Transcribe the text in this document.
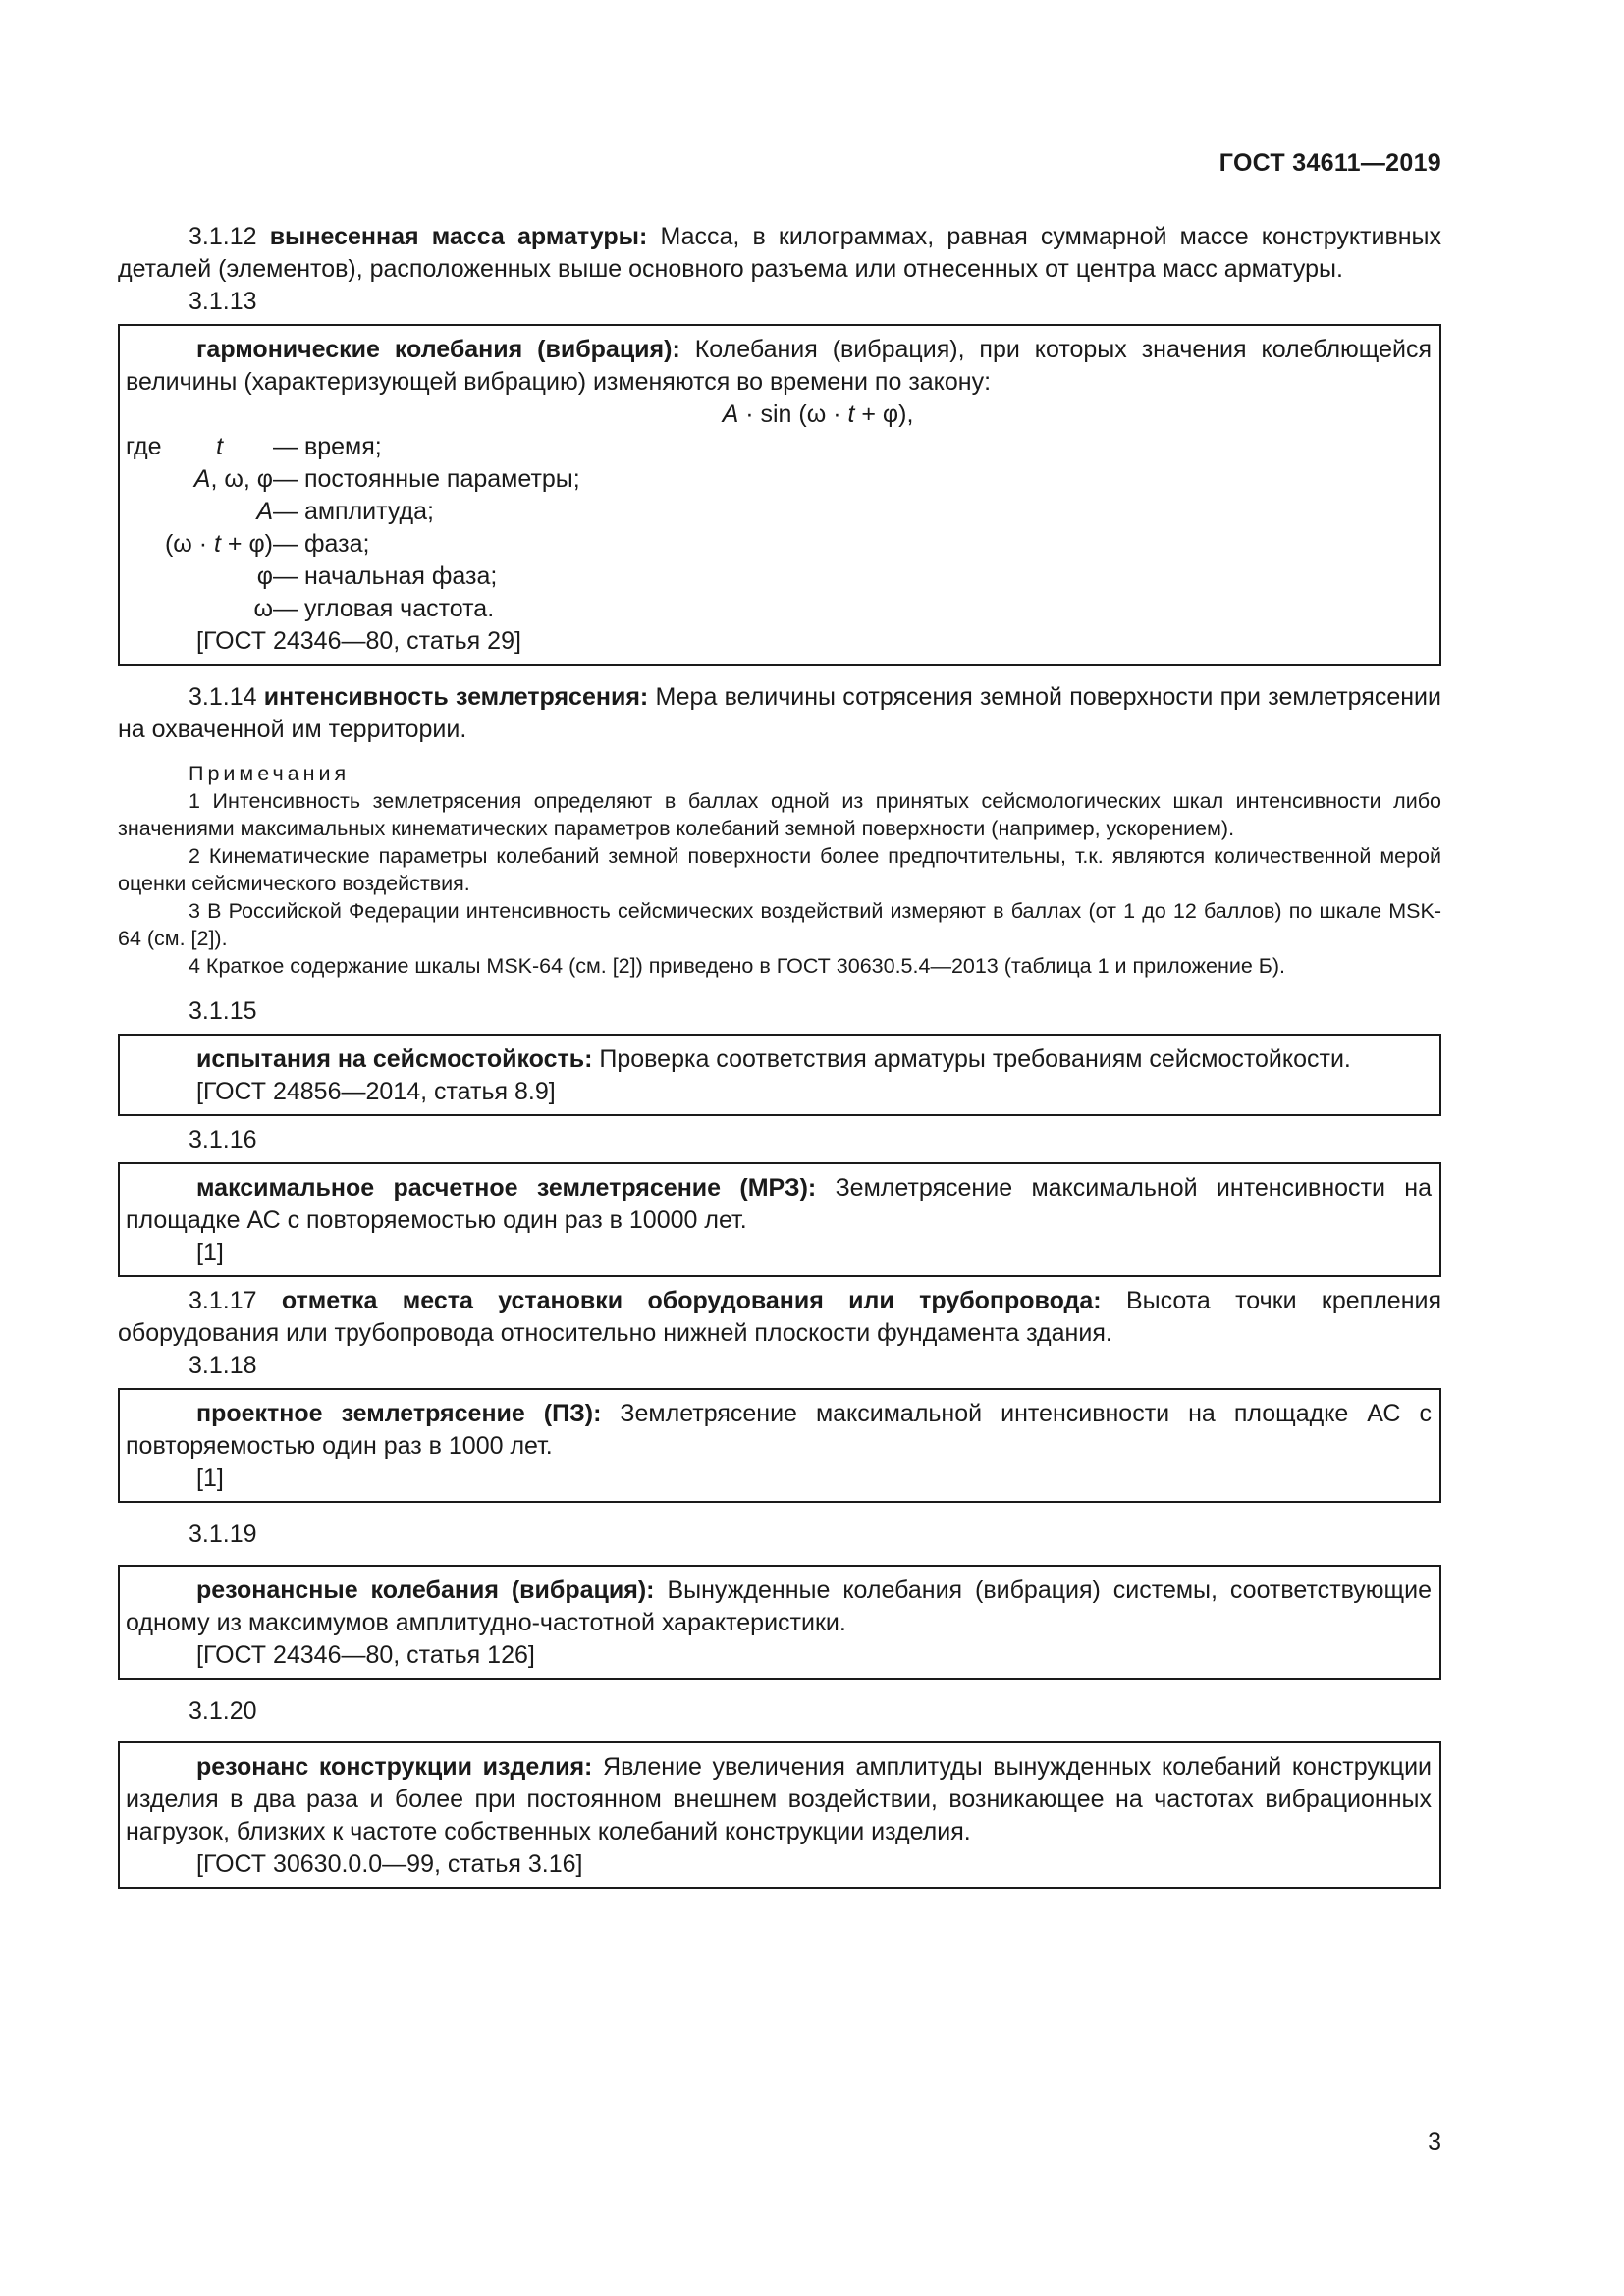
ГОСТ 34611—2019

3.1.12 вынесенная масса арматуры: Масса, в килограммах, равная суммарной массе конструктивных деталей (элементов), расположенных выше основного разъема или отнесенных от центра масс арматуры.

3.1.13

гармонические колебания (вибрация): Колебания (вибрация), при которых значения колеблющейся величины (характеризующей вибрацию) изменяются во времени по закону:

A · sin (ω · t + φ),
где        t	— время;
A, ω, φ — постоянные параметры;
A — амплитуда;
(ω · t + φ) — фаза;
φ — начальная фаза;
ω — угловая частота.
[ГОСТ 24346—80, статья 29]

3.1.14 интенсивность землетрясения: Мера величины сотрясения земной поверхности при землетрясении на охваченной им территории.

Примечания

1 Интенсивность землетрясения определяют в баллах одной из принятых сейсмологических шкал интенсивности либо значениями максимальных кинематических параметров колебаний земной поверхности (например, ускорением).

2 Кинематические параметры колебаний земной поверхности более предпочтительны, т.к. являются количественной мерой оценки сейсмического воздействия.

3 В Российской Федерации интенсивность сейсмических воздействий измеряют в баллах (от 1 до 12 баллов) по шкале MSK-64 (см. [2]).

4 Краткое содержание шкалы MSK-64 (см. [2]) приведено в ГОСТ 30630.5.4—2013 (таблица 1 и приложение Б).

3.1.15

испытания на сейсмостойкость: Проверка соответствия арматуры требованиям сейсмостойкости.

[ГОСТ 24856—2014, статья 8.9]
3.1.16

максимальное расчетное землетрясение (МРЗ): Землетрясение максимальной интенсивности на площадке АС с повторяемостью один раз в 10000 лет.

[1]

3.1.17 отметка места установки оборудования или трубопровода: Высота точки крепления оборудования или трубопровода относительно нижней плоскости фундамента здания.

3.1.18

проектное землетрясение (ПЗ): Землетрясение максимальной интенсивности на площадке АС с повторяемостью один раз в 1000 лет.

[1]
3.1.19

резонансные колебания (вибрация): Вынужденные колебания (вибрация) системы, соответствующие одному из максимумов амплитудно-частотной характеристики.

[ГОСТ 24346—80, статья 126]
3.1.20

резонанс конструкции изделия: Явление увеличения амплитуды вынужденных колебаний конструкции изделия в два раза и более при постоянном внешнем воздействии, возникающее на частотах вибрационных нагрузок, близких к частоте собственных колебаний конструкции изделия.

[ГОСТ 30630.0.0—99, статья 3.16]
3
